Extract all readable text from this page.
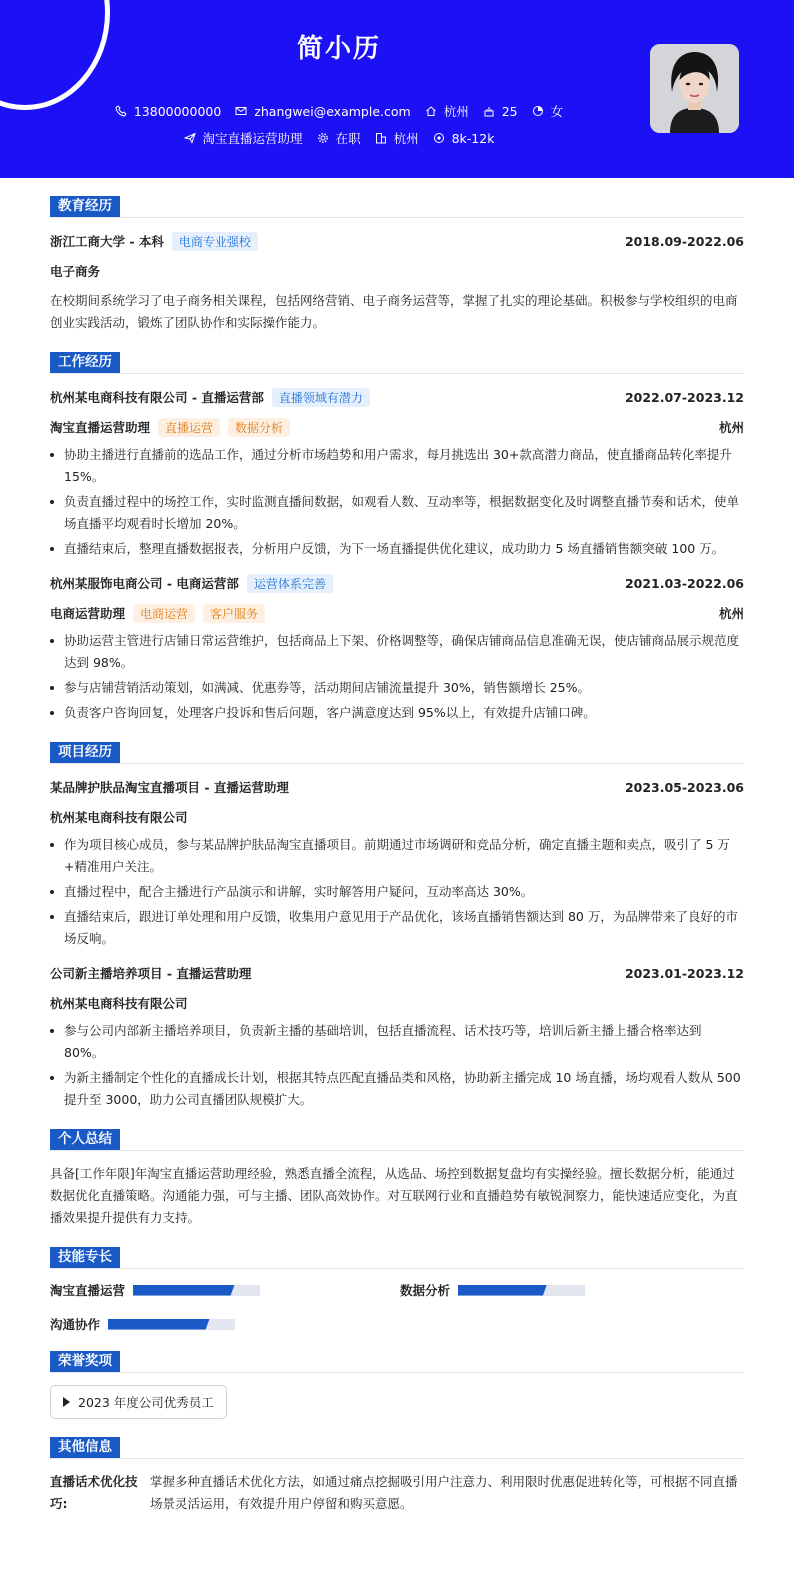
简小历
13800000000	zhangwei@example.com	杭州	25	女
淘宝直播运营助理	在职	杭州	8k-12k
教育经历
浙江工商大学 - 本科	电商专业强校	2018.09-2022.06
电子商务
在校期间系统学习了电子商务相关课程，包括网络营销、电子商务运营等，掌握了扎实的理论基础。积极参与学校组织的电商创业实践活动，锻炼了团队协作和实际操作能力。
工作经历
杭州某电商科技有限公司 - 直播运营部	直播领域有潜力	2022.07-2023.12
淘宝直播运营助理	直播运营	数据分析	杭州
协助主播进行直播前的选品工作，通过分析市场趋势和用户需求，每月挑选出 30+款高潜力商品，使直播商品转化率提升 15%。
负责直播过程中的场控工作，实时监测直播间数据，如观看人数、互动率等，根据数据变化及时调整直播节奏和话术，使单场直播平均观看时长增加 20%。
直播结束后，整理直播数据报表，分析用户反馈，为下一场直播提供优化建议，成功助力 5 场直播销售额突破 100 万。
杭州某服饰电商公司 - 电商运营部	运营体系完善	2021.03-2022.06
电商运营助理	电商运营	客户服务	杭州
协助运营主管进行店铺日常运营维护，包括商品上下架、价格调整等，确保店铺商品信息准确无误，使店铺商品展示规范度达到 98%。
参与店铺营销活动策划，如满减、优惠券等，活动期间店铺流量提升 30%，销售额增长 25%。
负责客户咨询回复，处理客户投诉和售后问题，客户满意度达到 95%以上，有效提升店铺口碑。
项目经历
某品牌护肤品淘宝直播项目 - 直播运营助理	2023.05-2023.06
杭州某电商科技有限公司
作为项目核心成员，参与某品牌护肤品淘宝直播项目。前期通过市场调研和竞品分析，确定直播主题和卖点，吸引了 5 万+精准用户关注。
直播过程中，配合主播进行产品演示和讲解，实时解答用户疑问，互动率高达 30%。
直播结束后，跟进订单处理和用户反馈，收集用户意见用于产品优化，该场直播销售额达到 80 万，为品牌带来了良好的市场反响。
公司新主播培养项目 - 直播运营助理	2023.01-2023.12
杭州某电商科技有限公司
参与公司内部新主播培养项目，负责新主播的基础培训，包括直播流程、话术技巧等，培训后新主播上播合格率达到 80%。
为新主播制定个性化的直播成长计划，根据其特点匹配直播品类和风格，协助新主播完成 10 场直播，场均观看人数从 500 提升至 3000，助力公司直播团队规模扩大。
个人总结
具备[工作年限]年淘宝直播运营助理经验，熟悉直播全流程，从选品、场控到数据复盘均有实操经验。擅长数据分析，能通过数据优化直播策略。沟通能力强，可与主播、团队高效协作。对互联网行业和直播趋势有敏锐洞察力，能快速适应变化，为直播效果提升提供有力支持。
技能专长
淘宝直播运营	数据分析
沟通协作
荣誉奖项
2023 年度公司优秀员工
其他信息
直播话术优化技巧:
掌握多种直播话术优化方法，如通过痛点挖掘吸引用户注意力、利用限时优惠促进转化等，可根据不同直播场景灵活运用，有效提升用户停留和购买意愿。
